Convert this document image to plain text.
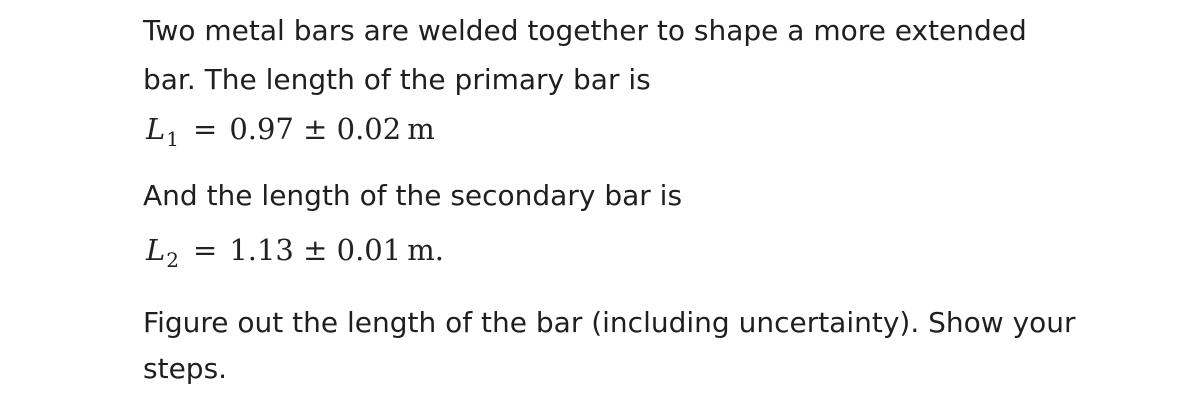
Two metal bars are welded together to shape a more extended
bar. The length of the primary bar is
$L_1 = 0.97 \pm 0.02$ m
And the length of the secondary bar is
$L_2 = 1.13 \pm 0.01$ m.
Figure out the length of the bar (including uncertainty). Show your
steps.
